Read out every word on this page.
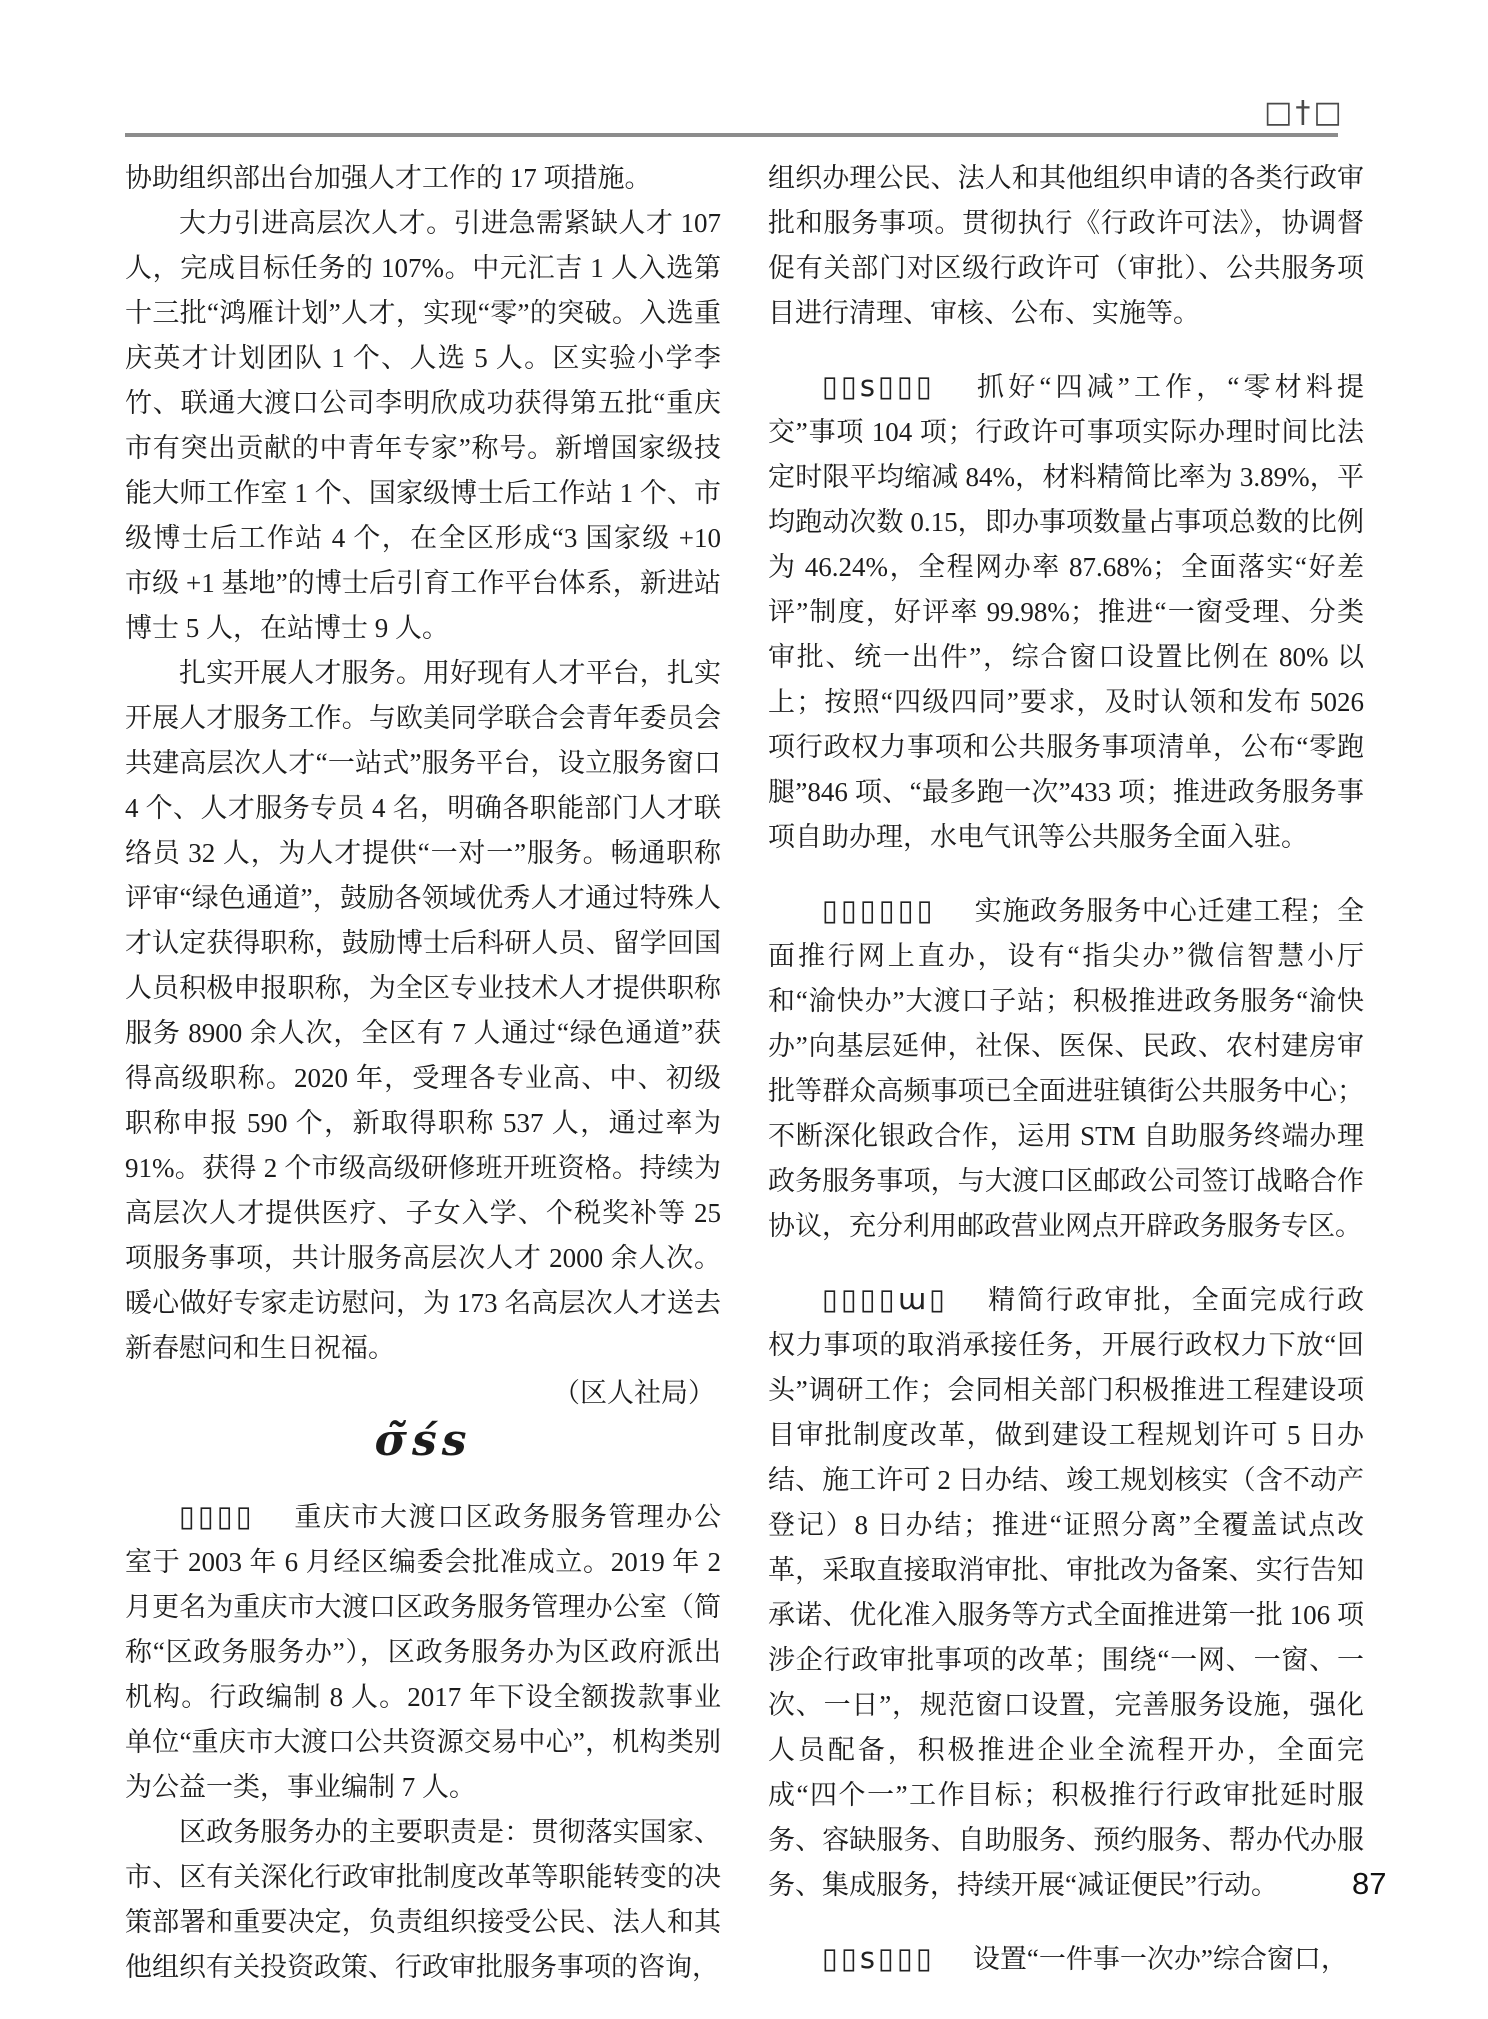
□†□

协助组织部出台加强人才工作的 17 项措施。

大力引进高层次人才。引进急需紧缺人才 107 人，完成目标任务的 107%。中元汇吉 1 人入选第十三批“鸿雁计划”人才，实现“零”的突破。入选重庆英才计划团队 1 个、人选 5 人。区实验小学李竹、联通大渡口公司李明欣成功获得第五批“重庆市有突出贡献的中青年专家”称号。新增国家级技能大师工作室 1 个、国家级博士后工作站 1 个、市级博士后工作站 4 个，在全区形成“3 国家级 +10 市级 +1 基地”的博士后引育工作平台体系，新进站博士 5 人，在站博士 9 人。

扎实开展人才服务。用好现有人才平台，扎实开展人才服务工作。与欧美同学联合会青年委员会共建高层次人才“一站式”服务平台，设立服务窗口 4 个、人才服务专员 4 名，明确各职能部门人才联络员 32 人，为人才提供“一对一”服务。畅通职称评审“绿色通道”，鼓励各领域优秀人才通过特殊人才认定获得职称，鼓励博士后科研人员、留学回国人员积极申报职称，为全区专业技术人才提供职称服务 8900 余人次，全区有 7 人通过“绿色通道”获得高级职称。2020 年，受理各专业高、中、初级职称申报 590 个，新取得职称 537 人，通过率为 91%。获得 2 个市级高级研修班开班资格。持续为高层次人才提供医疗、子女入学、个税奖补等 25 项服务事项，共计服务高层次人才 2000 余人次。暖心做好专家走访慰问，为 173 名高层次人才送去新春慰问和生日祝福。

（区人社局）

σ̃śs

▯▯▯▯ 重庆市大渡口区政务服务管理办公室于 2003 年 6 月经区编委会批准成立。2019 年 2 月更名为重庆市大渡口区政务服务管理办公室（简称“区政务服务办”），区政务服务办为区政府派出机构。行政编制 8 人。2017 年下设全额拨款事业单位“重庆市大渡口公共资源交易中心”，机构类别为公益一类，事业编制 7 人。

区政务服务办的主要职责是：贯彻落实国家、市、区有关深化行政审批制度改革等职能转变的决策部署和重要决定，负责组织接受公民、法人和其他组织有关投资政策、行政审批服务事项的咨询，

组织办理公民、法人和其他组织申请的各类行政审批和服务事项。贯彻执行《行政许可法》，协调督促有关部门对区级行政许可（审批）、公共服务项目进行清理、审核、公布、实施等。

▯▯s▯▯▯ 抓好“四减”工作，“零材料提交”事项 104 项；行政许可事项实际办理时间比法定时限平均缩减 84%，材料精简比率为 3.89%，平均跑动次数 0.15，即办事项数量占事项总数的比例为 46.24%，全程网办率 87.68%；全面落实“好差评”制度，好评率 99.98%；推进“一窗受理、分类审批、统一出件”，综合窗口设置比例在 80% 以上；按照“四级四同”要求，及时认领和发布 5026 项行政权力事项和公共服务事项清单，公布“零跑腿”846 项、“最多跑一次”433 项；推进政务服务事项自助办理，水电气讯等公共服务全面入驻。

▯▯▯▯▯▯ 实施政务服务中心迁建工程；全面推行网上直办，设有“指尖办”微信智慧小厅和“渝快办”大渡口子站；积极推进政务服务“渝快办”向基层延伸，社保、医保、民政、农村建房审批等群众高频事项已全面进驻镇街公共服务中心；不断深化银政合作，运用 STM 自助服务终端办理政务服务事项，与大渡口区邮政公司签订战略合作协议，充分利用邮政营业网点开辟政务服务专区。

▯▯▯▯ɯ▯ 精简行政审批，全面完成行政权力事项的取消承接任务，开展行政权力下放“回头”调研工作；会同相关部门积极推进工程建设项目审批制度改革，做到建设工程规划许可 5 日办结、施工许可 2 日办结、竣工规划核实（含不动产登记）8 日办结；推进“证照分离”全覆盖试点改革，采取直接取消审批、审批改为备案、实行告知承诺、优化准入服务等方式全面推进第一批 106 项涉企行政审批事项的改革；围绕“一网、一窗、一次、一日”，规范窗口设置，完善服务设施，强化人员配备，积极推进企业全流程开办，全面完成“四个一”工作目标；积极推行行政审批延时服务、容缺服务、自助服务、预约服务、帮办代办服务、集成服务，持续开展“减证便民”行动。

▯▯s▯▯▯ 设置“一件事一次办”综合窗口，

87
